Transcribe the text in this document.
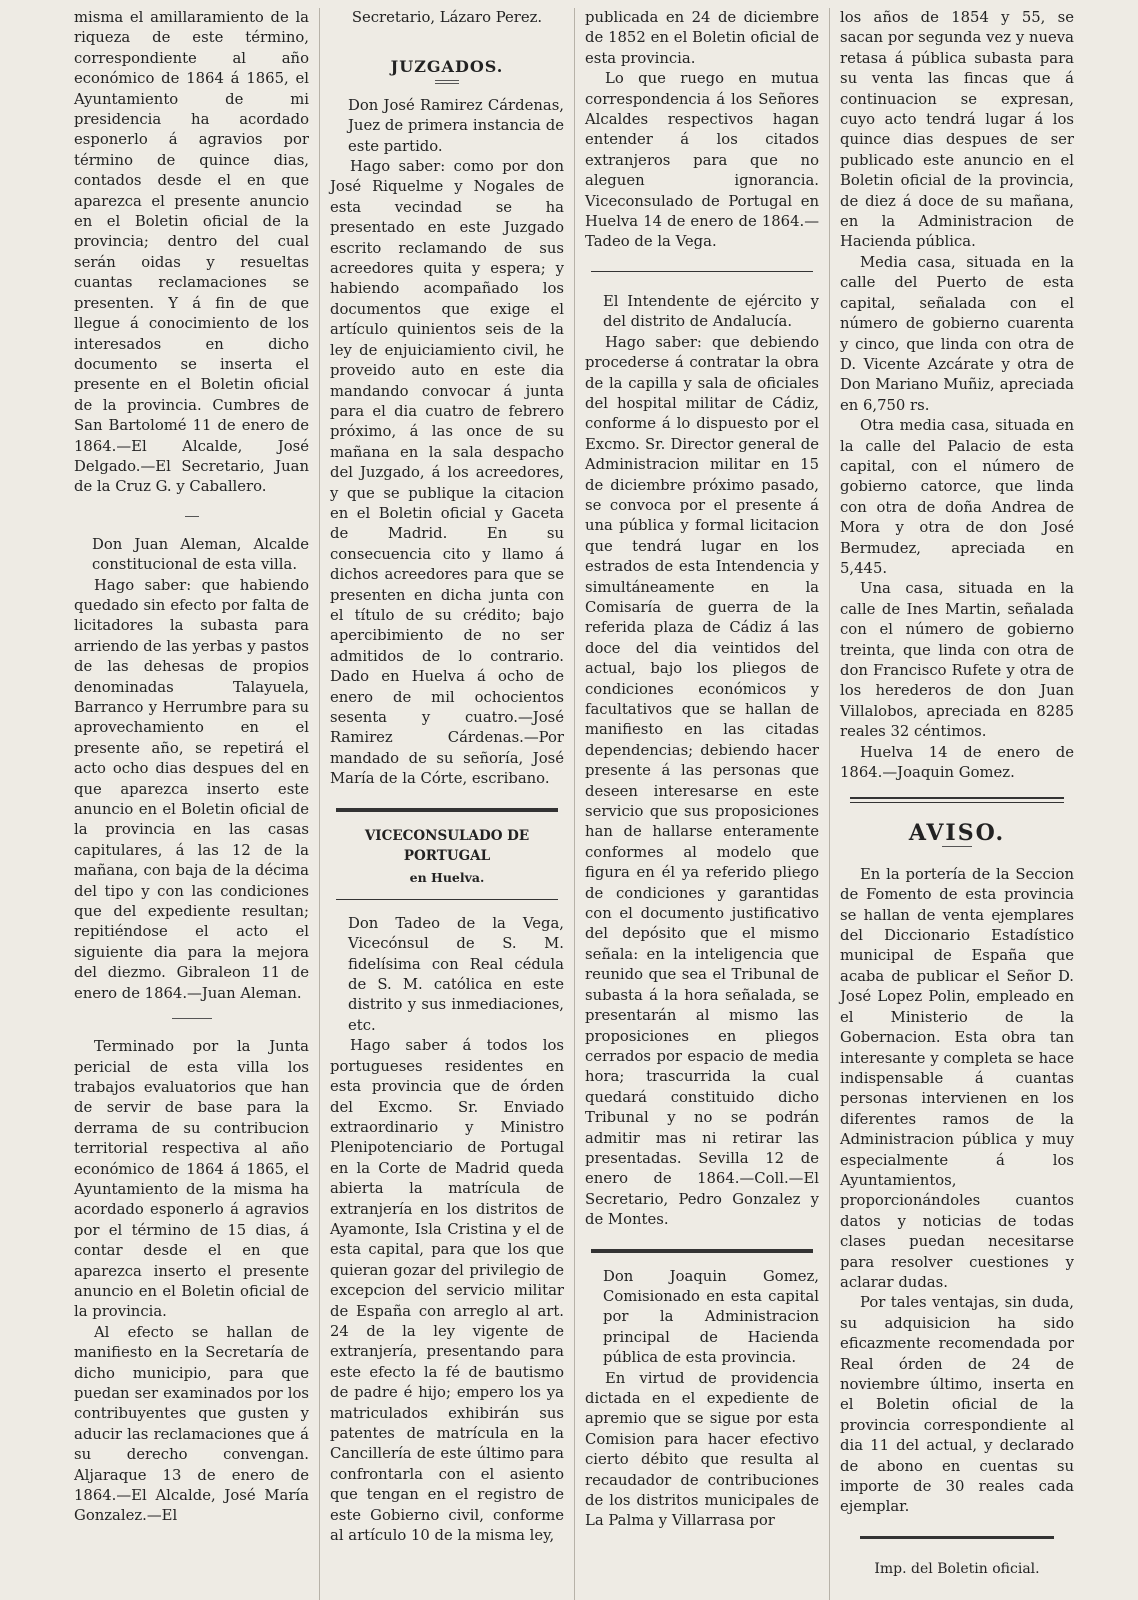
misma el amillaramiento de la riqueza de este término, correspondiente al año económico de 1864 á 1865, el Ayuntamiento de mi presidencia ha acordado esponerlo á agravios por término de quince dias, contados desde el en que aparezca el presente anuncio en el Boletin oficial de la provincia; dentro del cual serán oidas y resueltas cuantas reclamaciones se presenten. Y á fin de que llegue á conocimiento de los interesados en dicho documento se inserta el presente en el Boletin oficial de la provincia. Cumbres de San Bartolomé 11 de enero de 1864.—El Alcalde, José Delgado.—El Secretario, Juan de la Cruz G. y Caballero.

Don Juan Aleman, Alcalde constitucional de esta villa.

Hago saber: que habiendo quedado sin efecto por falta de licitadores la subasta para arriendo de las yerbas y pastos de las dehesas de propios denominadas Talayuela, Barranco y Herrumbre para su aprovechamiento en el presente año, se repetirá el acto ocho dias despues del en que aparezca inserto este anuncio en el Boletin oficial de la provincia en las casas capitulares, á las 12 de la mañana, con baja de la décima del tipo y con las condiciones que del expediente resultan; repitiéndose el acto el siguiente dia para la mejora del diezmo. Gibraleon 11 de enero de 1864.—Juan Aleman.

Terminado por la Junta pericial de esta villa los trabajos evaluatorios que han de servir de base para la derrama de su contribucion territorial respectiva al año económico de 1864 á 1865, el Ayuntamiento de la misma ha acordado esponerlo á agravios por el término de 15 dias, á contar desde el en que aparezca inserto el presente anuncio en el Boletin oficial de la provincia.

Al efecto se hallan de manifiesto en la Secretaría de dicho municipio, para que puedan ser examinados por los contribuyentes que gusten y aducir las reclamaciones que á su derecho convengan. Aljaraque 13 de enero de 1864.—El Alcalde, José María Gonzalez.—El

Secretario, Lázaro Perez.

JUZGADOS.

Don José Ramirez Cárdenas, Juez de primera instancia de este partido.

Hago saber: como por don José Riquelme y Nogales de esta vecindad se ha presentado en este Juzgado escrito reclamando de sus acreedores quita y espera; y habiendo acompañado los documentos que exige el artículo quinientos seis de la ley de enjuiciamiento civil, he proveido auto en este dia mandando convocar á junta para el dia cuatro de febrero próximo, á las once de su mañana en la sala despacho del Juzgado, á los acreedores, y que se publique la citacion en el Boletin oficial y Gaceta de Madrid. En su consecuencia cito y llamo á dichos acreedores para que se presenten en dicha junta con el título de su crédito; bajo apercibimiento de no ser admitidos de lo contrario. Dado en Huelva á ocho de enero de mil ochocientos sesenta y cuatro.—José Ramirez Cárdenas.—Por mandado de su señoría, José María de la Córte, escribano.

VICECONSULADO DE PORTUGAL
en Huelva.

Don Tadeo de la Vega, Vicecónsul de S. M. fidelísima con Real cédula de S. M. católica en este distrito y sus inmediaciones, etc.

Hago saber á todos los portugueses residentes en esta provincia que de órden del Excmo. Sr. Enviado extraordinario y Ministro Plenipotenciario de Portugal en la Corte de Madrid queda abierta la matrícula de extranjería en los distritos de Ayamonte, Isla Cristina y el de esta capital, para que los que quieran gozar del privilegio de excepcion del servicio militar de España con arreglo al art. 24 de la ley vigente de extranjería, presentando para este efecto la fé de bautismo de padre é hijo; empero los ya matriculados exhibirán sus patentes de matrícula en la Cancillería de este último para confrontarla con el asiento que tengan en el registro de este Gobierno civil, conforme al artículo 10 de la misma ley,

publicada en 24 de diciembre de 1852 en el Boletin oficial de esta provincia.

Lo que ruego en mutua correspondencia á los Señores Alcaldes respectivos hagan entender á los citados extranjeros para que no aleguen ignorancia. Viceconsulado de Portugal en Huelva 14 de enero de 1864.—Tadeo de la Vega.

El Intendente de ejército y del distrito de Andalucía.

Hago saber: que debiendo procederse á contratar la obra de la capilla y sala de oficiales del hospital militar de Cádiz, conforme á lo dispuesto por el Excmo. Sr. Director general de Administracion militar en 15 de diciembre próximo pasado, se convoca por el presente á una pública y formal licitacion que tendrá lugar en los estrados de esta Intendencia y simultáneamente en la Comisaría de guerra de la referida plaza de Cádiz á las doce del dia veintidos del actual, bajo los pliegos de condiciones económicos y facultativos que se hallan de manifiesto en las citadas dependencias; debiendo hacer presente á las personas que deseen interesarse en este servicio que sus proposiciones han de hallarse enteramente conformes al modelo que figura en él ya referido pliego de condiciones y garantidas con el documento justificativo del depósito que el mismo señala: en la inteligencia que reunido que sea el Tribunal de subasta á la hora señalada, se presentarán al mismo las proposiciones en pliegos cerrados por espacio de media hora; trascurrida la cual quedará constituido dicho Tribunal y no se podrán admitir mas ni retirar las presentadas. Sevilla 12 de enero de 1864.—Coll.—El Secretario, Pedro Gonzalez y de Montes.

Don Joaquin Gomez, Comisionado en esta capital por la Administracion principal de Hacienda pública de esta provincia.

En virtud de providencia dictada en el expediente de apremio que se sigue por esta Comision para hacer efectivo cierto débito que resulta al recaudador de contribuciones de los distritos municipales de La Palma y Villarrasa por

los años de 1854 y 55, se sacan por segunda vez y nueva retasa á pública subasta para su venta las fincas que á continuacion se expresan, cuyo acto tendrá lugar á los quince dias despues de ser publicado este anuncio en el Boletin oficial de la provincia, de diez á doce de su mañana, en la Administracion de Hacienda pública.

Media casa, situada en la calle del Puerto de esta capital, señalada con el número de gobierno cuarenta y cinco, que linda con otra de D. Vicente Azcárate y otra de Don Mariano Muñiz, apreciada en 6,750 rs.

Otra media casa, situada en la calle del Palacio de esta capital, con el número de gobierno catorce, que linda con otra de doña Andrea de Mora y otra de don José Bermudez, apreciada en 5,445.

Una casa, situada en la calle de Ines Martin, señalada con el número de gobierno treinta, que linda con otra de don Francisco Rufete y otra de los herederos de don Juan Villalobos, apreciada en 8285 reales 32 céntimos.

Huelva 14 de enero de 1864.—Joaquin Gomez.

AVISO.

En la portería de la Seccion de Fomento de esta provincia se hallan de venta ejemplares del Diccionario Estadístico municipal de España que acaba de publicar el Señor D. José Lopez Polin, empleado en el Ministerio de la Gobernacion. Esta obra tan interesante y completa se hace indispensable á cuantas personas intervienen en los diferentes ramos de la Administracion pública y muy especialmente á los Ayuntamientos, proporcionándoles cuantos datos y noticias de todas clases puedan necesitarse para resolver cuestiones y aclarar dudas.

Por tales ventajas, sin duda, su adquisicion ha sido eficazmente recomendada por Real órden de 24 de noviembre último, inserta en el Boletin oficial de la provincia correspondiente al dia 11 del actual, y declarado de abono en cuentas su importe de 30 reales cada ejemplar.

Imp. del Boletin oficial.
